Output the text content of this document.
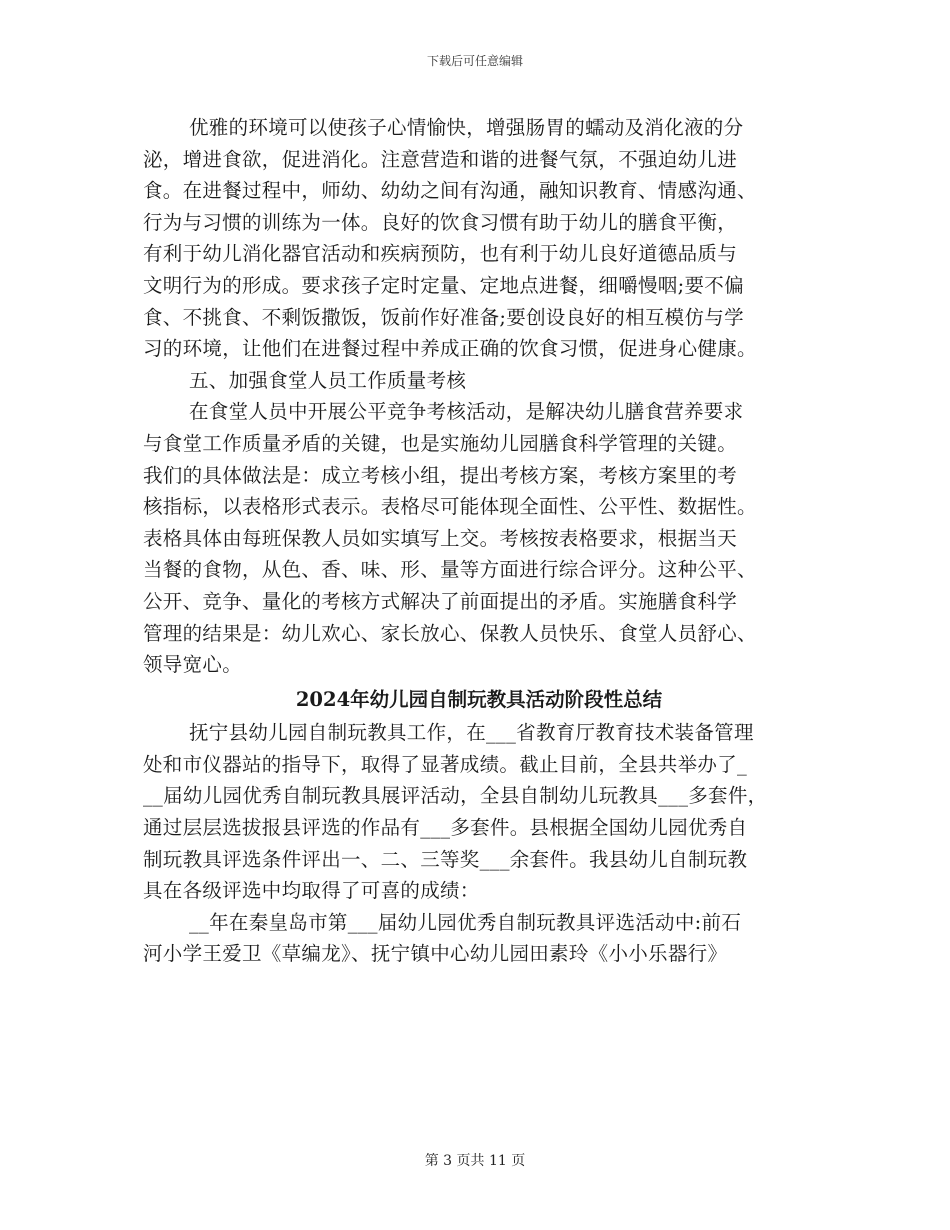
下载后可任意编辑
优雅的环境可以使孩子心情愉快，增强肠胃的蠕动及消化液的分
泌，增进食欲，促进消化。注意营造和谐的进餐气氛，不强迫幼儿进
食。在进餐过程中，师幼、幼幼之间有沟通，融知识教育、情感沟通、
行为与习惯的训练为一体。良好的饮食习惯有助于幼儿的膳食平衡，
有利于幼儿消化器官活动和疾病预防，也有利于幼儿良好道德品质与
文明行为的形成。要求孩子定时定量、定地点进餐，细嚼慢咽;要不偏
食、不挑食、不剩饭撒饭，饭前作好准备;要创设良好的相互模仿与学
习的环境，让他们在进餐过程中养成正确的饮食习惯，促进身心健康。
五、加强食堂人员工作质量考核
在食堂人员中开展公平竞争考核活动，是解决幼儿膳食营养要求
与食堂工作质量矛盾的关键，也是实施幼儿园膳食科学管理的关键。
我们的具体做法是：成立考核小组，提出考核方案，考核方案里的考
核指标，以表格形式表示。表格尽可能体现全面性、公平性、数据性。
表格具体由每班保教人员如实填写上交。考核按表格要求，根据当天
当餐的食物，从色、香、味、形、量等方面进行综合评分。这种公平、
公开、竞争、量化的考核方式解决了前面提出的矛盾。实施膳食科学
管理的结果是：幼儿欢心、家长放心、保教人员快乐、食堂人员舒心、
领导宽心。
2024年幼儿园自制玩教具活动阶段性总结
抚宁县幼儿园自制玩教具工作，在___省教育厅教育技术装备管理
处和市仪器站的指导下，取得了显著成绩。截止目前，全县共举办了_
__届幼儿园优秀自制玩教具展评活动，全县自制幼儿玩教具___多套件，
通过层层选拔报县评选的作品有___多套件。县根据全国幼儿园优秀自
制玩教具评选条件评出一、二、三等奖___余套件。我县幼儿自制玩教
具在各级评选中均取得了可喜的成绩：
__年在秦皇岛市第___届幼儿园优秀自制玩教具评选活动中:前石
河小学王爱卫《草编龙》、抚宁镇中心幼儿园田素玲《小小乐器行》
第 3 页共 11 页
